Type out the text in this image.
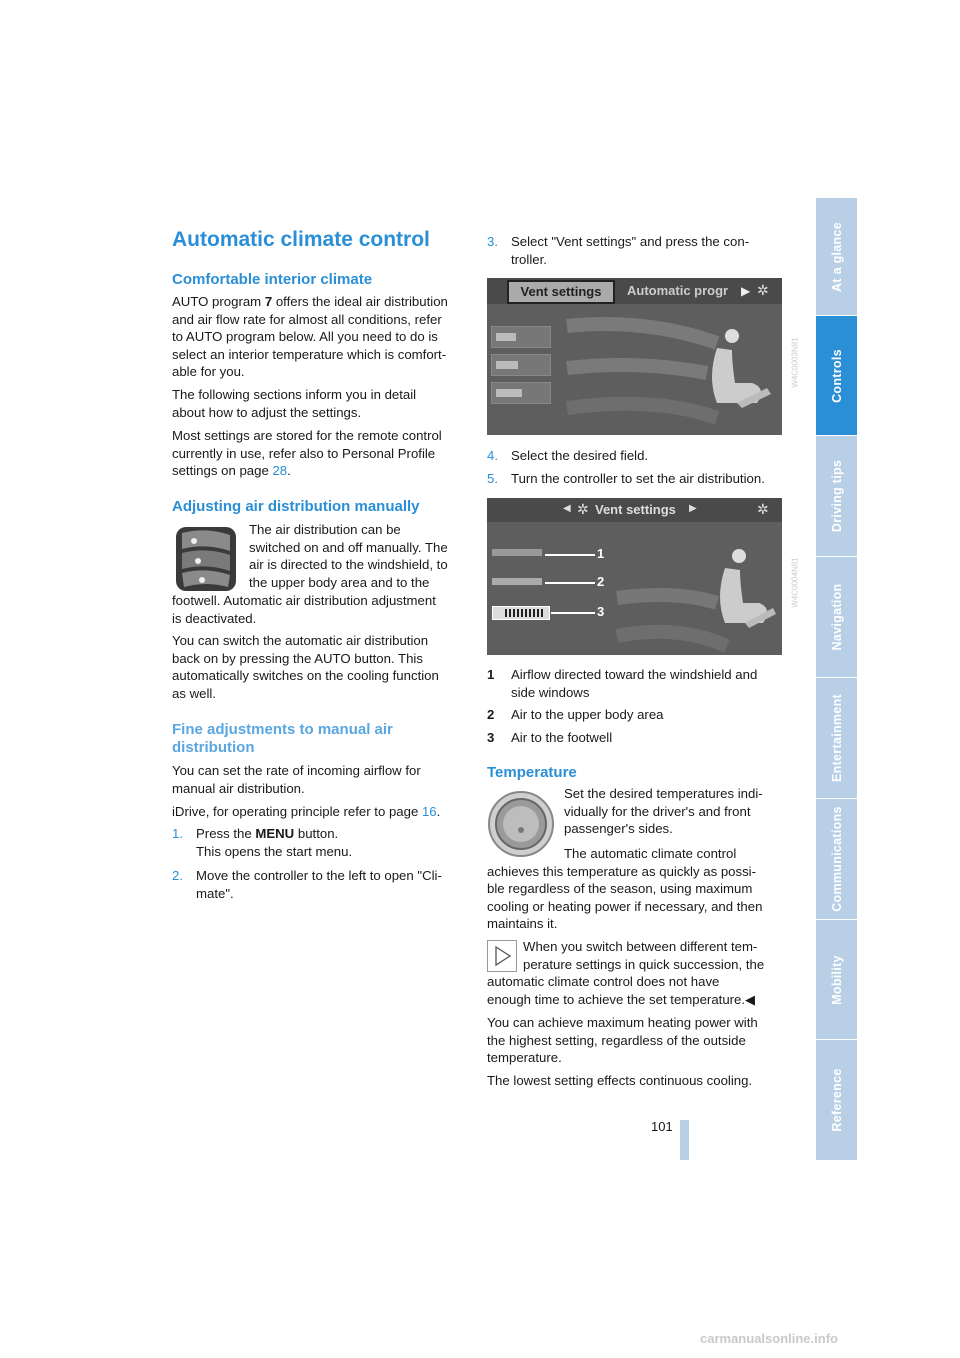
At a glance
Controls
Driving tips
Navigation
Entertainment
Communications
Mobility
Reference
Automatic climate control
Comfortable interior climate
AUTO program 7 offers the ideal air distribution
and air flow rate for almost all conditions, refer
to AUTO program below. All you need to do is
select an interior temperature which is comfort-
able for you.
The following sections inform you in detail
about how to adjust the settings.
Most settings are stored for the remote control
currently in use, refer also to Personal Profile
settings on page 28.
Adjusting air distribution manually
The air distribution can be
switched on and off manually. The
air is directed to the windshield, to
the upper body area and to the
footwell. Automatic air distribution adjustment
is deactivated.
You can switch the automatic air distribution
back on by pressing the AUTO button. This
automatically switches on the cooling function
as well.
Fine adjustments to manual air
distribution
You can set the rate of incoming airflow for
manual air distribution.
iDrive, for operating principle refer to page 16.
1. Press the MENU button.
This opens the start menu.
2. Move the controller to the left to open "Cli-
mate".
3. Select "Vent settings" and press the con-
troller.
Vent settings	Automatic progr	▶ ✲
W4C0003N81
4. Select the desired field.
5. Turn the controller to set the air distribution.
◀ ✲ Vent settings ▶	✲
1
2
3
W4C0004N81
1 Airflow directed toward the windshield and
side windows
2 Air to the upper body area
3 Air to the footwell
Temperature
Set the desired temperatures indi-
vidually for the driver's and front
passenger's sides.
The automatic climate control
achieves this temperature as quickly as possi-
ble regardless of the season, using maximum
cooling or heating power if necessary, and then
maintains it.
When you switch between different tem-
perature settings in quick succession, the
automatic climate control does not have
enough time to achieve the set temperature.◀
You can achieve maximum heating power with
the highest setting, regardless of the outside
temperature.
The lowest setting effects continuous cooling.
101
carmanualsonline.info
